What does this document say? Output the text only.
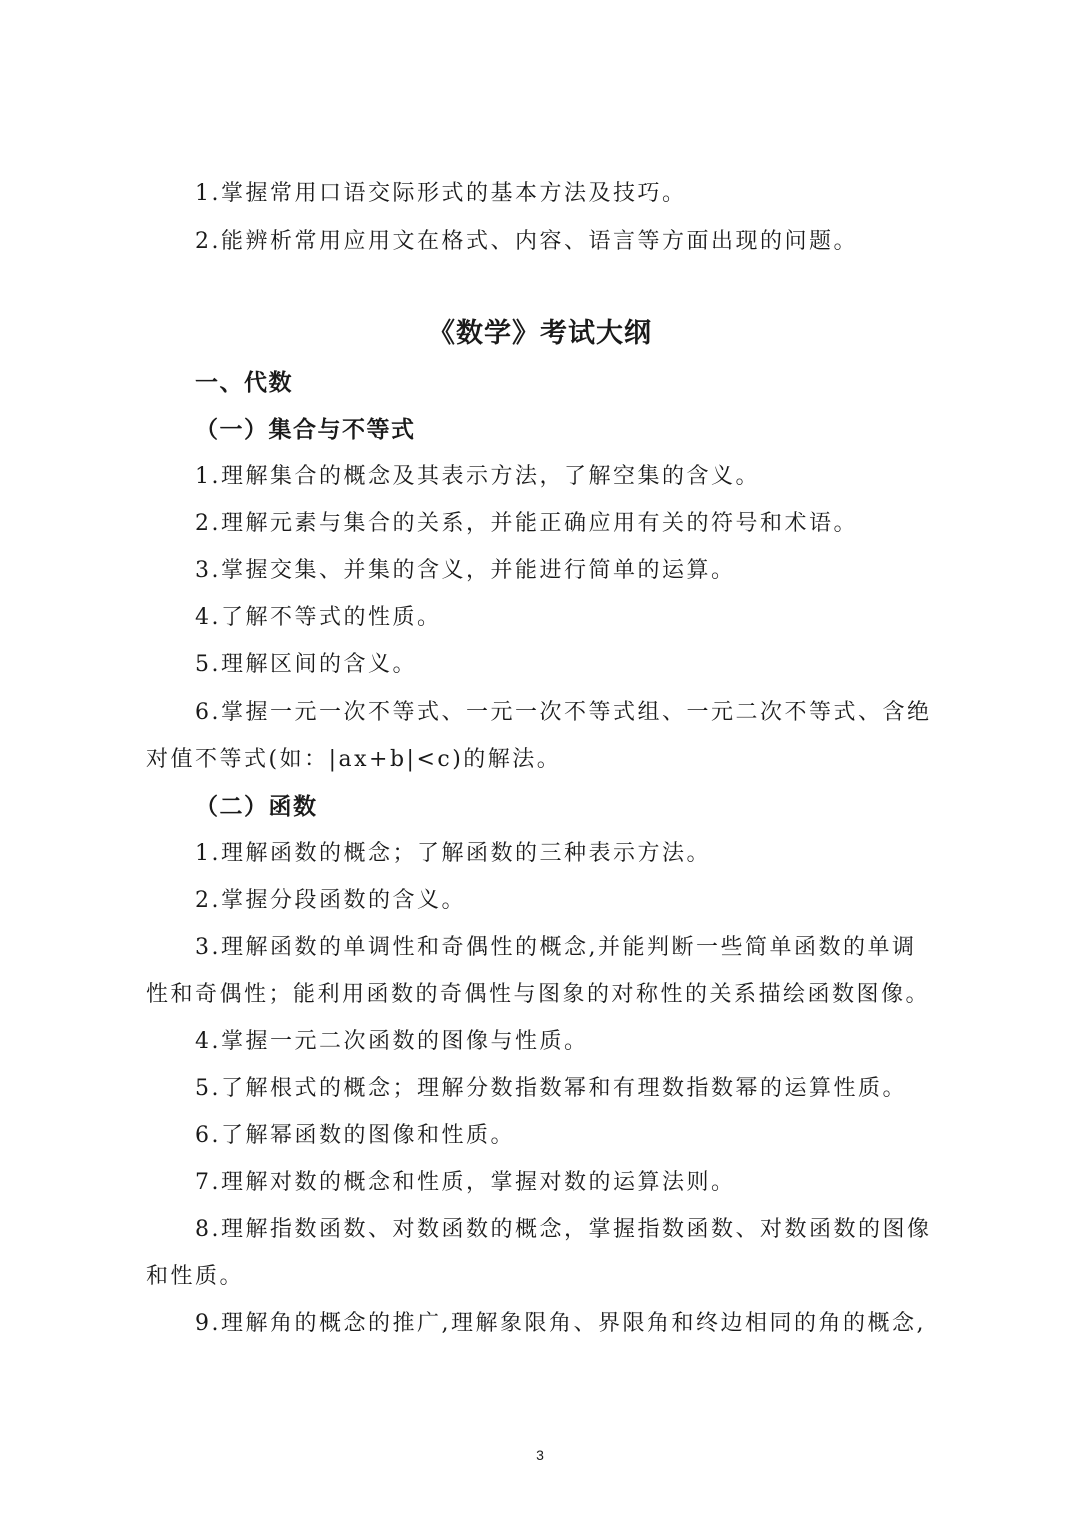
1.掌握常用口语交际形式的基本方法及技巧。
2.能辨析常用应用文在格式、内容、语言等方面出现的问题。
《数学》考试大纲
一、代数
（一）集合与不等式
1.理解集合的概念及其表示方法，了解空集的含义。
2.理解元素与集合的关系，并能正确应用有关的符号和术语。
3.掌握交集、并集的含义，并能进行简单的运算。
4.了解不等式的性质。
5.理解区间的含义。
6.掌握一元一次不等式、一元一次不等式组、一元二次不等式、含绝
对值不等式(如：|ax+b|<c)的解法。
（二）函数
1.理解函数的概念；了解函数的三种表示方法。
2.掌握分段函数的含义。
3.理解函数的单调性和奇偶性的概念,并能判断一些简单函数的单调
性和奇偶性；能利用函数的奇偶性与图象的对称性的关系描绘函数图像。
4.掌握一元二次函数的图像与性质。
5.了解根式的概念；理解分数指数幂和有理数指数幂的运算性质。
6.了解幂函数的图像和性质。
7.理解对数的概念和性质，掌握对数的运算法则。
8.理解指数函数、对数函数的概念，掌握指数函数、对数函数的图像
和性质。
9.理解角的概念的推广,理解象限角、界限角和终边相同的角的概念,
3
